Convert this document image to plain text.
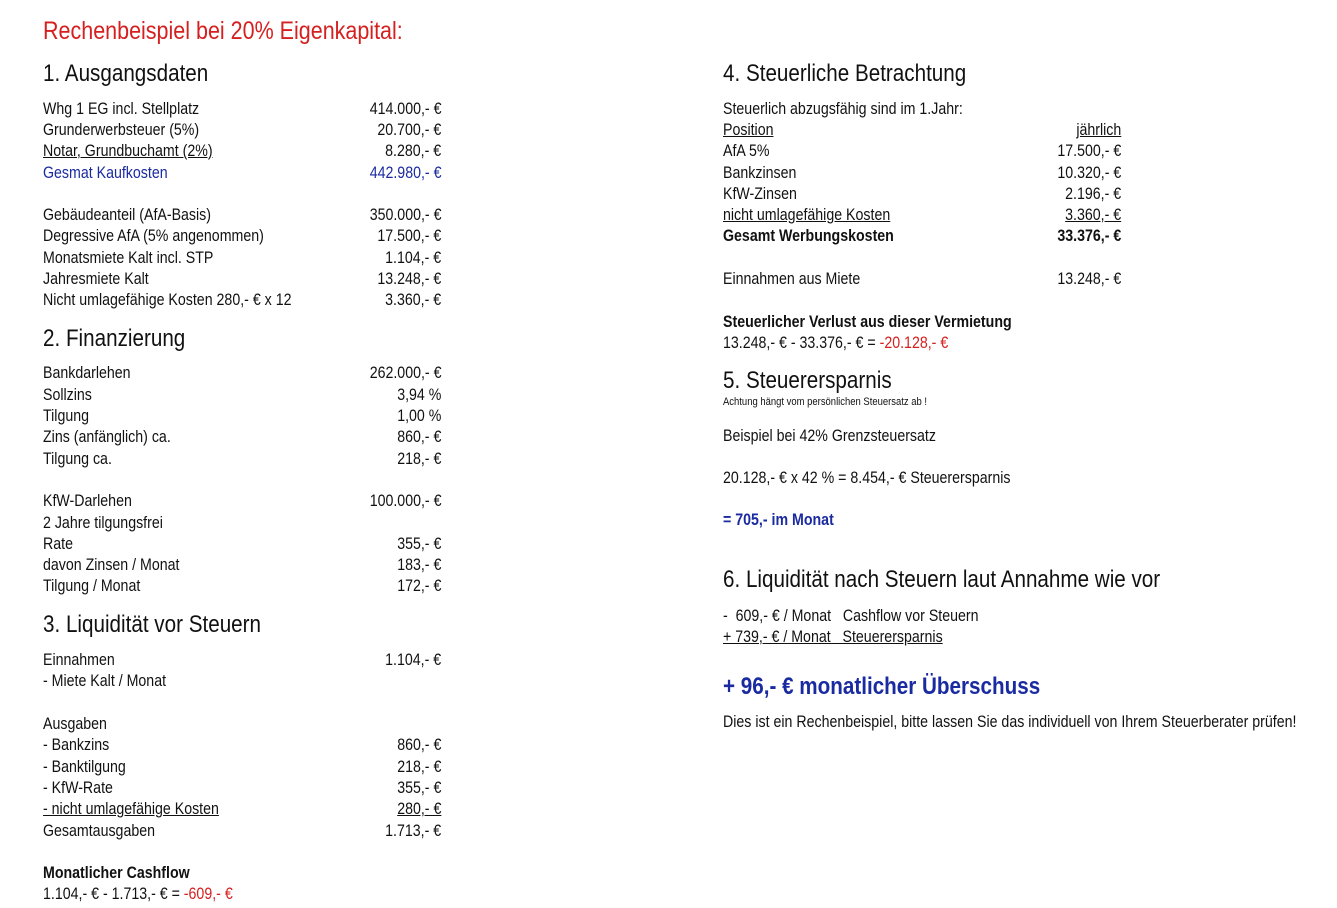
Rechenbeispiel bei 20% Eigenkapital:
1. Ausgangsdaten
Whg 1 EG incl. Stellplatz	414.000,- €
Grunderwerbsteuer (5%)	20.700,- €
Notar, Grundbuchamt (2%)	8.280,- €
Gesmat Kaufkosten	442.980,- €
Gebäudeanteil (AfA-Basis)	350.000,- €
Degressive AfA (5% angenommen)	17.500,- €
Monatsmiete Kalt incl. STP	1.104,- €
Jahresmiete Kalt	13.248,- €
Nicht umlagefähige Kosten 280,- € x 12	3.360,- €
2. Finanzierung
Bankdarlehen	262.000,- €
Sollzins	3,94 %
Tilgung	1,00 %
Zins (anfänglich) ca.	860,- €
Tilgung ca.	218,- €
KfW-Darlehen	100.000,- €
2 Jahre tilgungsfrei
Rate	355,- €
davon Zinsen / Monat	183,- €
Tilgung / Monat	172,- €
3. Liquidität vor Steuern
Einnahmen	1.104,- €
- Miete Kalt / Monat
Ausgaben
- Bankzins	860,- €
- Banktilgung	218,- €
- KfW-Rate	355,- €
- nicht umlagefähige Kosten	280,- €
Gesamtausgaben	1.713,- €
Monatlicher Cashflow
1.104,- € - 1.713,- € = -609,- €
4. Steuerliche Betrachtung
Steuerlich abzugsfähig sind im 1.Jahr:
Position	jährlich
AfA 5%	17.500,- €
Bankzinsen	10.320,- €
KfW-Zinsen	2.196,- €
nicht umlagefähige Kosten	3.360,- €
Gesamt Werbungskosten	33.376,- €
Einnahmen aus Miete	13.248,- €
Steuerlicher Verlust aus dieser Vermietung
13.248,- € - 33.376,- € = -20.128,- €
5. Steuerersparnis
Achtung hängt vom persönlichen Steuersatz ab !
Beispiel bei 42% Grenzsteuersatz
20.128,- € x 42 % = 8.454,- € Steuerersparnis
= 705,- im Monat
6. Liquidität nach Steuern laut Annahme wie vor
-  609,- € / Monat   Cashflow vor Steuern
+ 739,- € / Monat   Steuerersparnis
+ 96,- € monatlicher Überschuss
Dies ist ein Rechenbeispiel, bitte lassen Sie das individuell von Ihrem Steuerberater prüfen!
